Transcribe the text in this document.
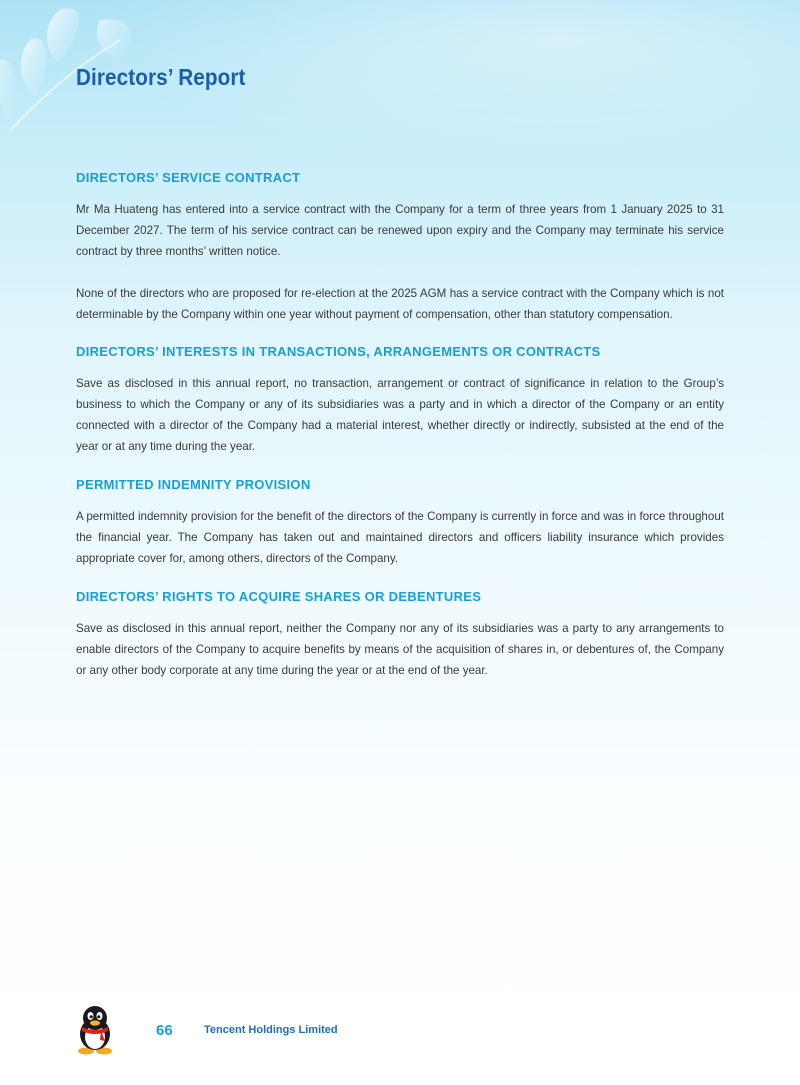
Directors’ Report
DIRECTORS’ SERVICE CONTRACT

Mr Ma Huateng has entered into a service contract with the Company for a term of three years from 1 January 2025 to 31 December 2027. The term of his service contract can be renewed upon expiry and the Company may terminate his service contract by three months’ written notice.

None of the directors who are proposed for re-election at the 2025 AGM has a service contract with the Company which is not determinable by the Company within one year without payment of compensation, other than statutory compensation.

DIRECTORS’ INTERESTS IN TRANSACTIONS, ARRANGEMENTS OR CONTRACTS

Save as disclosed in this annual report, no transaction, arrangement or contract of significance in relation to the Group’s business to which the Company or any of its subsidiaries was a party and in which a director of the Company or an entity connected with a director of the Company had a material interest, whether directly or indirectly, subsisted at the end of the year or at any time during the year.

PERMITTED INDEMNITY PROVISION

A permitted indemnity provision for the benefit of the directors of the Company is currently in force and was in force throughout the financial year. The Company has taken out and maintained directors and officers liability insurance which provides appropriate cover for, among others, directors of the Company.

DIRECTORS’ RIGHTS TO ACQUIRE SHARES OR DEBENTURES

Save as disclosed in this annual report, neither the Company nor any of its subsidiaries was a party to any arrangements to enable directors of the Company to acquire benefits by means of the acquisition of shares in, or debentures of, the Company or any other body corporate at any time during the year or at the end of the year.

66	Tencent Holdings Limited
